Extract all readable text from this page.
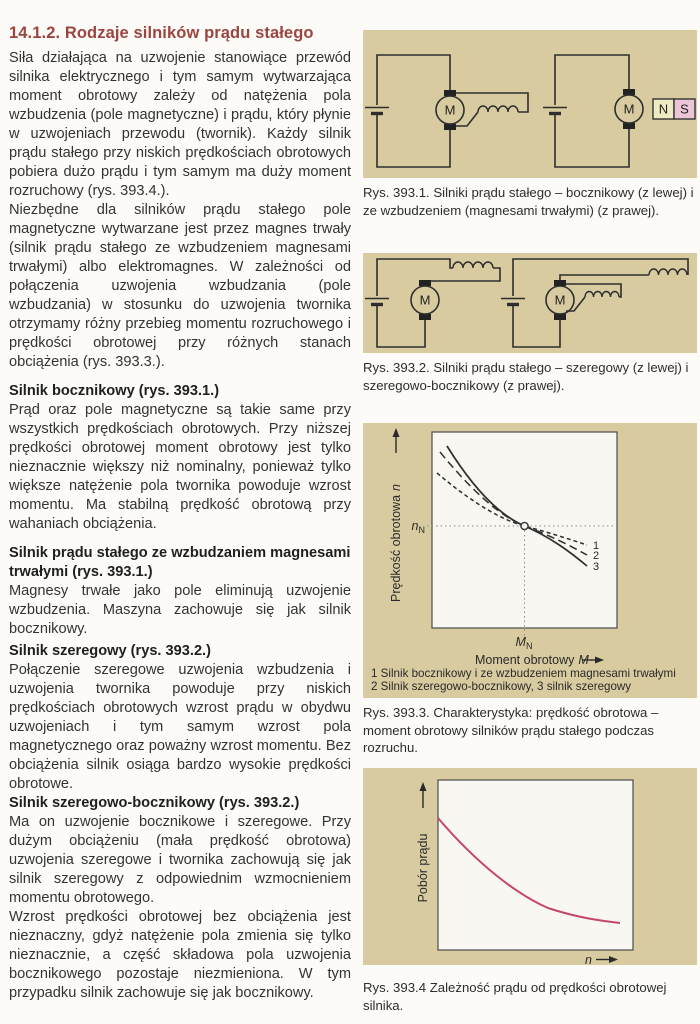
14.1.2. Rodzaje silników prądu stałego

Siła działająca na uzwojenie stanowiące przewód silnika elektrycznego i tym samym wytwarzająca moment obrotowy zależy od natężenia pola wzbudzenia (pole magnetyczne) i prądu, który płynie w uzwojeniach przewodu (twornik). Każdy silnik prądu stałego przy niskich prędkościach obrotowych pobiera dużo prądu i tym samym ma duży moment rozruchowy (rys. 393.4.).

Niezbędne dla silników prądu stałego pole magnetyczne wytwarzane jest przez magnes trwały (silnik prądu stałego ze wzbudzeniem magnesami trwałymi) albo elektromagnes. W zależności od połączenia uzwojenia wzbudzania (pole wzbudzania) w stosunku do uzwojenia twornika otrzymamy różny przebieg momentu rozruchowego i prędkości obrotowej przy różnych stanach obciążenia (rys. 393.3.).

Silnik bocznikowy (rys. 393.1.)

Prąd oraz pole magnetyczne są takie same przy wszystkich prędkościach obrotowych. Przy niższej prędkości obrotowej moment obrotowy jest tylko nieznacznie większy niż nominalny, ponieważ tylko większe natężenie pola twornika powoduje wzrost momentu. Ma stabilną prędkość obrotową przy wahaniach obciążenia.

Silnik prądu stałego ze wzbudzaniem magnesami trwałymi (rys. 393.1.)

Magnesy trwałe jako pole eliminują uzwojenie wzbudzenia. Maszyna zachowuje się jak silnik bocznikowy.

Silnik szeregowy (rys. 393.2.)

Połączenie szeregowe uzwojenia wzbudzenia i uzwojenia twornika powoduje przy niskich prędkościach obrotowych wzrost prądu w obydwu uzwojeniach i tym samym wzrost pola magnetycznego oraz poważny wzrost momentu. Bez obciążenia silnik osiąga bardzo wysokie prędkości obrotowe.

Silnik szeregowo-bocznikowy (rys. 393.2.)

Ma on uzwojenie bocznikowe i szeregowe. Przy dużym obciążeniu (mała prędkość obrotowa) uzwojenia szeregowe i twornika zachowują się jak silnik szeregowy z odpowiednim wzmocnieniem momentu obrotowego.

Wzrost prędkości obrotowej bez obciążenia jest nieznaczny, gdyż natężenie pola zmienia się tylko nieznacznie, a część składowa pola uzwojenia bocznikowego pozostaje niezmieniona. W tym przypadku silnik zachowuje się jak bocznikowy.

M	M N S

Rys. 393.1. Silniki prądu stałego – bocznikowy (z lewej) i ze wzbudzeniem (magnesami trwałymi) (z prawej).

M	M

Rys. 393.2. Silniki prądu stałego – szeregowy (z lewej) i szeregowo-bocznikowy (z prawej).

1
2
3
Prędkość obrotowan
$n_N$
$M_N$
Moment obrotowy M
1 Silnik bocznikowy i ze wzbudzeniem magnesami trwałymi
2 Silnik szeregowo-bocznikowy, 3 silnik szeregowy

Rys. 393.3. Charakterystyka: prędkość obrotowa – moment obrotowy silników prądu stałego podczas rozruchu.

Pobór prądu
n

Rys. 393.4 Zależność prądu od prędkości obrotowej silnika.
